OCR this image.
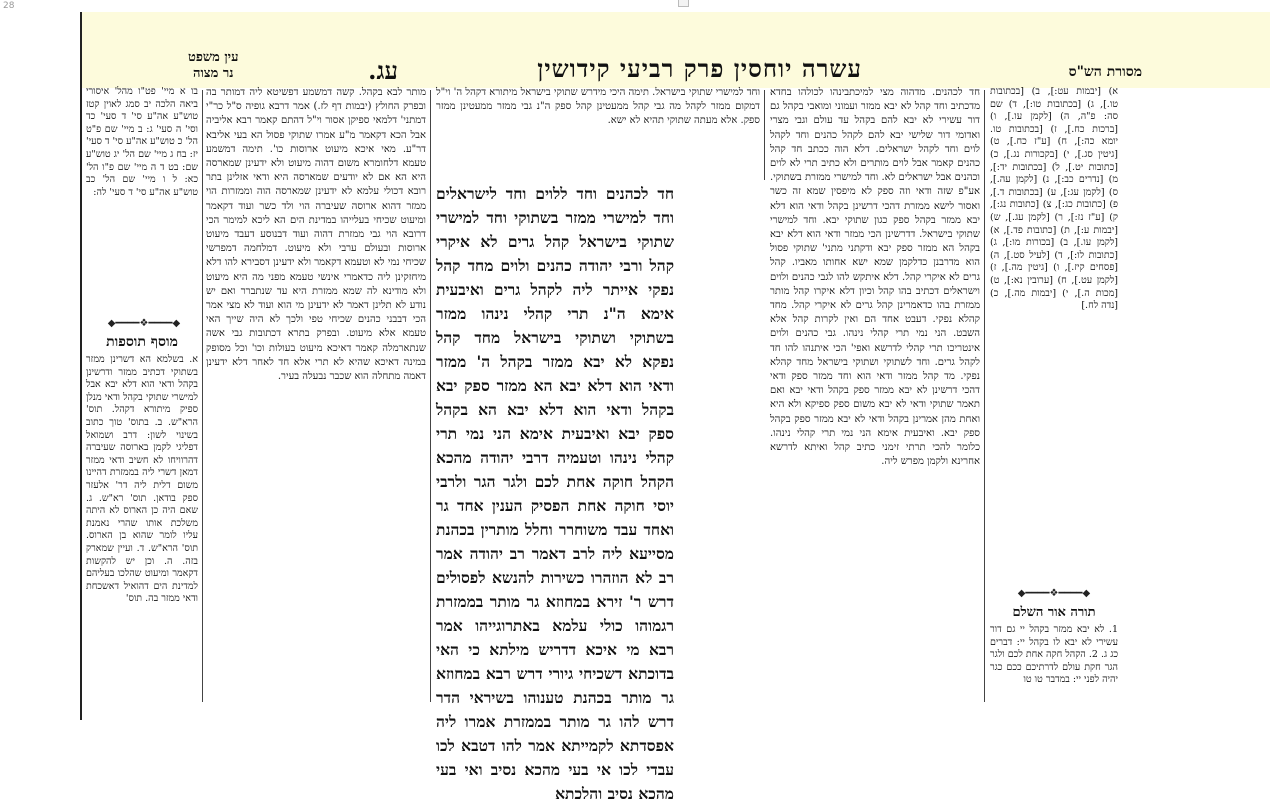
28
מסורת הש"ס
עשרה יוחסין פרק רביעי קידושין
עג.
עין משפט
נר מצוה
א) [יבמות עט:], ב) [בכתובות טו.], ג) [בכתובות טו:], ד) שם סה: פ"ה, ה) [לקמן עו.], ו) [ברכות כח.], ז) [בכתובות טו. יומא כה:], ח) [ע"ז כח.], ט) [גיטין סג.], י) [בקכורות נג.], כ) [כתובות יט.], ל) [בכתובות יד:], מ) [נדרים כב:], נ) [לקמן עה.], ס) [לקמן עג:], ע) [בכתובות ד.], פ) [כתובות כג:], צ) [כתובות נג:], ק) [ע"ז נז:], ר) [לקמן עג.], ש) [יבמות ע:], ת) [כתובות פד.], א) [לקמן עו.], ב) [בכורות מו:], ג) [כתובות לו:], ד) [לעיל סט.], ה) [פסחים קיז.], ו) [גיטין מה.], ז) [לקמן עט.], ח) [ערובין נא:], ט) [מכות ה.], י) [יבמות מה.], כ) [נדה לח.]
◆━━━━❖━━━━◆
תורה אור השלם
1. לא יבא ממזר בקהל יי גם דור עשירי לא יבא לו בקהל יי: דברים כג ג. 2. הקהל חקה אחת לכם ולגר הגר חקת עולם לדרתיכם ככם כגר יהיה לפני יי: במדבר טו טו
חד לכהנים. מדהוה מצי למיכתבינהו לכולהו בחדא מדכתיב וחד קהל לא יבא ממזר ועמוני ומואבי בקהל גם דור עשירי לא יבא להם בקהל עד עולם וגבי מצרי ואדומי דור שלישי יבא להם לקהל כהנים וחד לקהל לוים וחד לקהל ישראלים. דלא הוה ככתב חד קהל כהנים קאמר אבל לוים מותרים ולא כתיב תרי לא לוים וכהנים אבל ישראלים לא. וחד למישרי ממזרת בשתוקי. אע"פ שזה ודאי וזה ספק לא מיפסין שמא זה כשר ואסור לישא ממזרת דהכי דרשינן בקהל ודאי הוא דלא יבא ממזר בקהל ספק כגון שתוקי יבא. וחד למישרי שתוקי בישראל. דדרשינן הכי ממזר ודאי הוא דלא יבא בקהל הא ממזר ספק יבא ודקתני מתני' שתוקי פסול הוא מדרבנן כדלקמן שמא ישא אחותו מאביו. קהל גרים לא איקרי קהל. דלא איתקש להו לגבי כהנים ולוים וישראלים דכתיב בהו קהל וכיון דלא איקרו קהל מותר ממזרת בהו כדאמרינן קהל גרים לא איקרי קהל. מחד קהלא נפקי. דעבט אחד הם ואין לקרות קהל אלא השבט. הני נמי תרי קהלי נינהו. גבי כהנים ולוים אינטריכו תרי קהלי לדרשא ואפי' הכי איתנהו להו חד לקהל גרים. וחד לשתוקי ושתוקי בישראל מחד קהלא נפקי. מד קהל ממזר ודאי הוא וחד ממזר ספק ודאי דהכי דרשינן לא יבא ממזר ספק בקהל ודאי יבא ואם תאמר שתוקי ודאי לא יבא משום ספק ספיקא ולא היא ואחת מהן אמרינן בקהל ודאי לא יבא ממזר ספק בקהל ספק יבא. ואיבעית אימא הני נמי תרי קהלי נינהו. כלומר להכי תרתי זימני כתיב קהל ואיתא לדרשא אחרינא ולקמן מפרש ליה.
וחד למישרי שתוקי בישראל. תימה היכי מידרש שתוקי בישראל מיתורא דקהל ה' וי"ל דמקום ממזר לקהל מה גבי קהל ממעטינן קהל ספק ה"נ גבי ממזר ממעטינן ממזר ספק. אלא מעתה שתוקי תהיא לא ישא.
חד לכהנים וחד ללוים וחד לישראלים וחד למישרי ממזר בשתוקי וחד למישרי שתוקי בישראל קהל גרים לא איקרי קהל ורבי יהודה כהנים ולוים מחד קהל נפקי אייתר ליה לקהל גרים ואיבעית אימא ה"נ תרי קהלי נינהו ממזר בשתוקי ושתוקי בישראל מחד קהל נפקא לא יבא ממזר בקהל ה' ממזר ודאי הוא דלא יבא הא ממזר ספק יבא בקהל ודאי הוא דלא יבא הא בקהל ספק יבא ואיבעית אימא הני נמי תרי קהלי נינהו וטעמיה דרבי יהודה מהכא הקהל חוקה אחת לכם ולגר הגר ולרבי יוסי חוקה אחת הפסיק הענין אחד גר ואחד עבד משוחרר וחלל מותרין בכהנת מסייעא ליה לרב דאמר רב יהודה אמר רב לא הוזהרו כשירות להנשא לפסולים דרש ר' זירא במחוזא גר מותר בממזרת רגמוהו כולי עלמא באתרוגייהו אמר רבא מי איכא דדריש מילתא כי האי בדוכתא דשכיחי גיורי דרש רבא במחוזא גר מותר בכהנת טענוהו בשיראי הדר דרש להו גר מותר בממזרת אמרו ליה אפסדתא לקמייתא אמר להו דטבא לכו עבדי לכו אי בעי מהכא נסיב ואי בעי מהכא נסיב והלכתא
מותר לבא בקהל. קשה דמשמע דפשיטא ליה דמותר בה ובפרק החולץ (יבמות דף לז.) אמר דרבא גופיה ס"ל כר"י דמתני' דלמאי ספיקן אסור וי"ל דהתם קאמר רבא אליביה אבל הכא דקאמר מ"ע אמרו שתוקי פסול הא בעי אליבא דר"ע. מאי איכא מיעוט ארוסות כו'. תימה דמשמע טעמא דלחומרא משום דהוה מיעוט ולא ידעינן שמארסה היא הא אם לא יודעים שמארסה היא ודאי אזלינן בתר רובא דכולי עלמא לא ידעינן שמארסה הוה וממזרות הוי ממזר דהוא ארוסה שעיברה הוי ולד כשר ועוד דקאמר ומיעוט שכיחי בעלייהו במדינת הים הא ליכא למימר הכי דרובא הוי גבי ממזרת דהוה ועוד דבנוסע דעבד מיעוט ארוסות ובעולם ערבי ולא מיעוט. דמלחמה דמפרשי שכיחי נמי לא וטעמא דקאמר ולא ידעינן דסבירא להו דלא מיחזקינן ליה כדאמרי אינשי טעמא מפני מה היא מיעוט ולא מודינא לה שמא ממזרת היא עד שנתברר ואם יש נודע לא תלינן דאמר לא ידעינן מי הוא ועוד לא מצי אמר הכי דבבני כהנים שכיחי טפי ולכך לא היה שייך האי טעמא אלא מיעוט. ובפרק בתרא דכתובות גבי אשה שנתארמלה קאמר דאיכא מיעוט בעולות וכו' וכל מסופק במינה דאיכא שהיא לא תרי אלא חד לאחר דלא ידעינן דאמה מתחלה הוא שכבר נבעלה בעיר.
בו א מיי' פט"ו מהל' איסורי ביאה הלכה יב סמג לאוין קטז טוש"ע אה"ע סי' ד סעי' כד וסי' ה סעי' ג: ב מיי' שם פ"ט הל' כ טוש"ע אה"ע סי' ד סעי' יז: בח ג מיי' שם הל' יג טוש"ע שם: בט ד ה מיי' שם פ"ו הל' כא: ל ו מיי' שם הל' כב טוש"ע אה"ע סי' ד סעי' לה:
◆━━━━❖━━━━◆
מוסף תוספות
א. בשלמא הא דשרינן ממזר בשתוקי דכתיב ממזר ודרשינן בקהל ודאי הוא דלא יבא אבל למישרי שתוקי בקהל ודאי מנלן ספיק מיתורא דקהל. תוס' הרא"ש. ב. בתוס' טוך כתוב בשינוי לשון: דרב ושמואל דפליגי לקמן בארוסה שעיברה דהרוויחו לא חשיב ודאי ממזר דמאן דשרי ליה בממזרת דהיינו משום דלית ליה דר' אלעזר ספק בודאן. תוס' רא"ש. ג. שאם היה כן הארוס לא היתה משלכת אותו שהרי נאמנת עליו לומר שהוא בן הארוס. תוס' הרא"ש. ד. ועיין שמארק בזה. ה. וכן יש להקשות דקאמר ומיעוט שהלכו בעליהם למדינת הים דהואיל דאשכחת ודאי ממזר בה. תוס'
